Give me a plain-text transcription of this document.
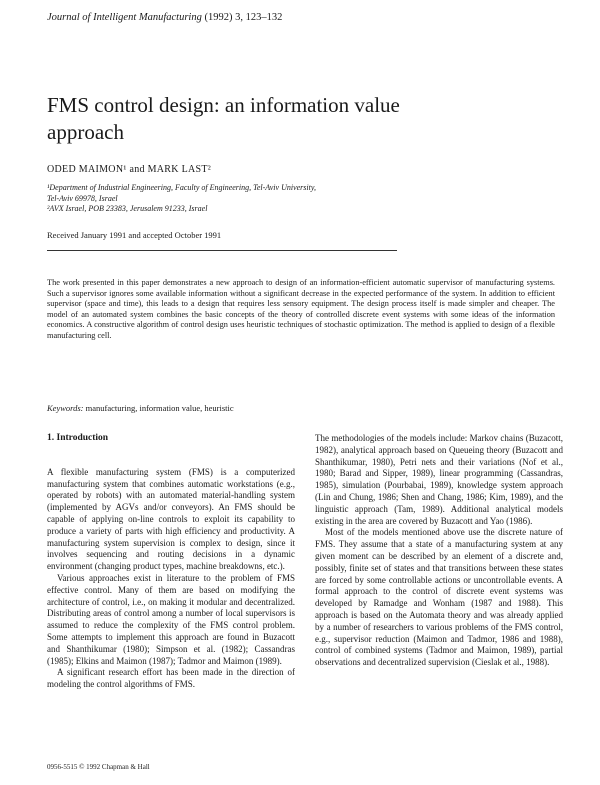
Journal of Intelligent Manufacturing (1992) 3, 123–132
FMS control design: an information value approach
ODED MAIMON¹ and MARK LAST²
¹Department of Industrial Engineering, Faculty of Engineering, Tel-Aviv University,
Tel-Aviv 69978, Israel
²AVX Israel, POB 23383, Jerusalem 91233, Israel
Received January 1991 and accepted October 1991
The work presented in this paper demonstrates a new approach to design of an information-efficient automatic supervisor of manufacturing systems. Such a supervisor ignores some available information without a significant decrease in the expected performance of the system. In addition to efficient supervisor (space and time), this leads to a design that requires less sensory equipment. The design process itself is made simpler and cheaper. The model of an automated system combines the basic concepts of the theory of controlled discrete event systems with some ideas of the information economics. A constructive algorithm of control design uses heuristic techniques of stochastic optimization. The method is applied to design of a flexible manufacturing cell.
Keywords: manufacturing, information value, heuristic
1. Introduction

A flexible manufacturing system (FMS) is a computerized manufacturing system that combines automatic workstations (e.g., operated by robots) with an automated material-handling system (implemented by AGVs and/or conveyors). An FMS should be capable of applying on-line controls to exploit its capability to produce a variety of parts with high efficiency and productivity. A manufacturing system supervision is complex to design, since it involves sequencing and routing decisions in a dynamic environment (changing product types, machine breakdowns, etc.).

Various approaches exist in literature to the problem of FMS effective control. Many of them are based on modifying the architecture of control, i.e., on making it modular and decentralized. Distributing areas of control among a number of local supervisors is assumed to reduce the complexity of the FMS control problem. Some attempts to implement this approach are found in Buzacott and Shanthikumar (1980); Simpson et al. (1982); Cassandras (1985); Elkins and Maimon (1987); Tadmor and Maimon (1989).

A significant research effort has been made in the direction of modeling the control algorithms of FMS.

The methodologies of the models include: Markov chains (Buzacott, 1982), analytical approach based on Queueing theory (Buzacott and Shanthikumar, 1980), Petri nets and their variations (Nof et al., 1980; Barad and Sipper, 1989), linear programming (Cassandras, 1985), simulation (Pourbabai, 1989), knowledge system approach (Lin and Chung, 1986; Shen and Chang, 1986; Kim, 1989), and the linguistic approach (Tam, 1989). Additional analytical models existing in the area are covered by Buzacott and Yao (1986).

Most of the models mentioned above use the discrete nature of FMS. They assume that a state of a manufacturing system at any given moment can be described by an element of a discrete and, possibly, finite set of states and that transitions between these states are forced by some controllable actions or uncontrollable events. A formal approach to the control of discrete event systems was developed by Ramadge and Wonham (1987 and 1988). This approach is based on the Automata theory and was already applied by a number of researchers to various problems of the FMS control, e.g., supervisor reduction (Maimon and Tadmor, 1986 and 1988), control of combined systems (Tadmor and Maimon, 1989), partial observations and decentralized supervision (Cieslak et al., 1988).

0956-5515 © 1992 Chapman & Hall
